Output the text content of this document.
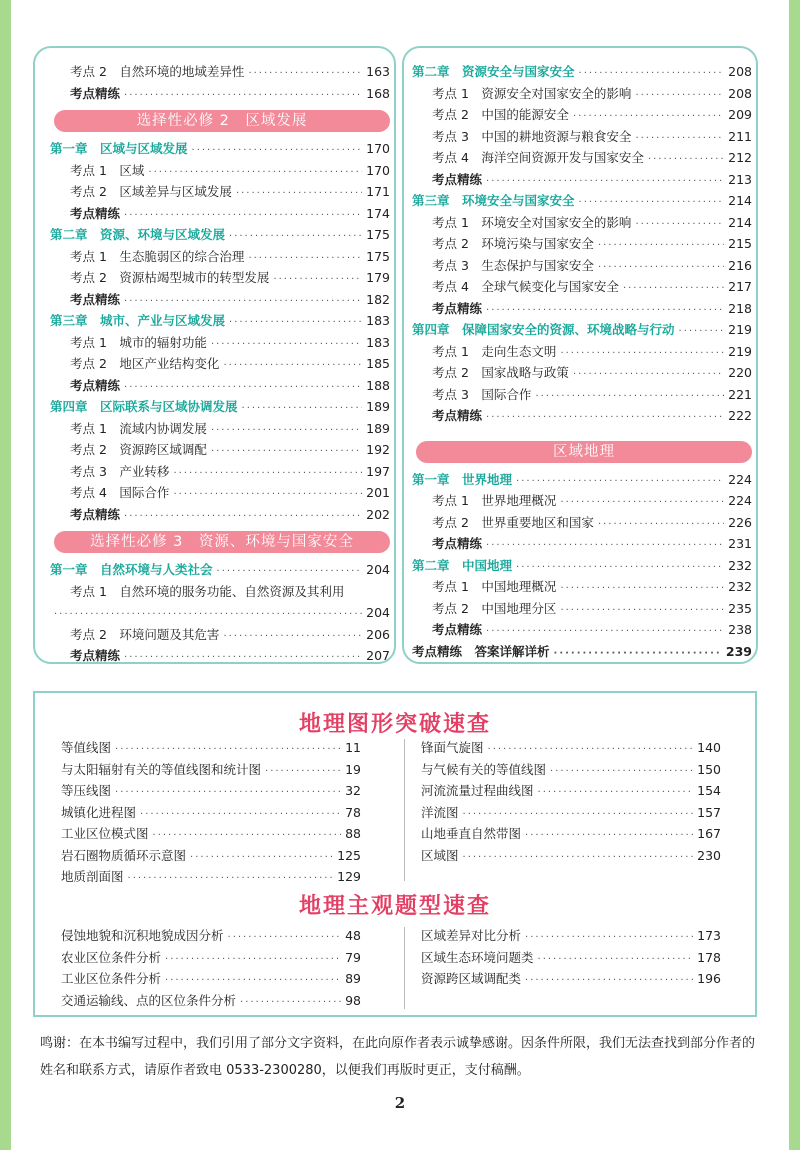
考点 2　自然环境的地域差异性 ·····	163
考点精练 ·····	168
选择性必修 2　区域发展
第一章　区域与区域发展 ·····	170
考点 1　区域 ·····	170
考点 2　区域差异与区域发展 ·····	171
考点精练 ·····	174
第二章　资源、环境与区域发展 ·····	175
考点 1　生态脆弱区的综合治理 ·····	175
考点 2　资源枯竭型城市的转型发展 ·····	179
考点精练 ·····	182
第三章　城市、产业与区域发展 ·····	183
考点 1　城市的辐射功能 ·····	183
考点 2　地区产业结构变化 ·····	185
考点精练 ·····	188
第四章　区际联系与区域协调发展 ·····	189
考点 1　流域内协调发展 ·····	189
考点 2　资源跨区域调配 ·····	192
考点 3　产业转移 ·····	197
考点 4　国际合作 ·····	201
考点精练 ·····	202
选择性必修 3　资源、环境与国家安全
第一章　自然环境与人类社会 ·····	204
考点 1　自然环境的服务功能、自然资源及其利用
·····
204
考点 2　环境问题及其危害 ·····	206
考点精练 ·····	207
第二章　资源安全与国家安全 ·····	208
考点 1　资源安全对国家安全的影响 ·····	208
考点 2　中国的能源安全 ·····	209
考点 3　中国的耕地资源与粮食安全 ·····	211
考点 4　海洋空间资源开发与国家安全 ·····	212
考点精练 ·····	213
第三章　环境安全与国家安全 ·····	214
考点 1　环境安全对国家安全的影响 ·····	214
考点 2　环境污染与国家安全 ·····	215
考点 3　生态保护与国家安全 ·····	216
考点 4　全球气候变化与国家安全 ·····	217
考点精练 ·····	218
第四章　保障国家安全的资源、环境战略与行动 ·····	219
考点 1　走向生态文明 ·····	219
考点 2　国家战略与政策 ·····	220
考点 3　国际合作 ·····	221
考点精练 ·····	222
区域地理
第一章　世界地理 ·····	224
考点 1　世界地理概况 ·····	224
考点 2　世界重要地区和国家 ·····	226
考点精练 ·····	231
第二章　中国地理 ·····	232
考点 1　中国地理概况 ·····	232
考点 2　中国地理分区 ·····	235
考点精练 ·····	238
考点精练　答案详解详析 ·····	239
地理图形突破速查
等值线图 ·····	11
与太阳辐射有关的等值线图和统计图 ·····	19
等压线图 ·····	32
城镇化进程图 ·····	78
工业区位模式图 ·····	88
岩石圈物质循环示意图 ·····	125
地质剖面图 ·····	129
锋面气旋图 ·····	140
与气候有关的等值线图 ·····	150
河流流量过程曲线图 ·····	154
洋流图 ·····	157
山地垂直自然带图 ·····	167
区域图 ·····	230
地理主观题型速查
侵蚀地貌和沉积地貌成因分析 ·····	48
农业区位条件分析 ·····	79
工业区位条件分析 ·····	89
交通运输线、点的区位条件分析 ·····	98
区域差异对比分析 ·····	173
区域生态环境问题类 ·····	178
资源跨区域调配类 ·····	196
鸣谢：在本书编写过程中，我们引用了部分文字资料，在此向原作者表示诚挚感谢。因条件所限，我们无法查找到部分作者的姓名和联系方式，请原作者致电 0533-2300280，以便我们再版时更正，支付稿酬。
2
